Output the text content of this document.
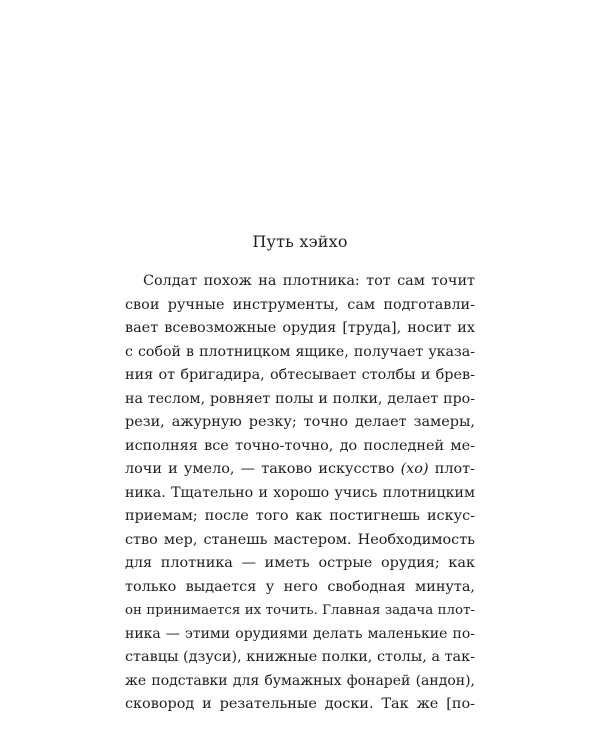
Путь хэйхо
Солдат похож на плотника: тот сам точит
свои ручные инструменты, сам подготавли-
вает всевозможные орудия [труда], носит их
с собой в плотницком ящике, получает указа-
ния от бригадира, обтесывает столбы и брев-
на теслом, ровняет полы и полки, делает про-
рези, ажурную резку; точно делает замеры,
исполняя все точно-точно, до последней ме-
лочи и умело, — таково искусство (хо) плот-
ника. Тщательно и хорошо учись плотницким
приемам; после того как постигнешь искус-
ство мер, станешь мастером. Необходимость
для плотника — иметь острые орудия; как
только выдается у него свободная минута,
он принимается их точить. Главная задача плот-
ника — этими орудиями делать маленькие по-
ставцы (дзуси), книжные полки, столы, а так-
же подставки для бумажных фонарей (андон),
сковород и резательные доски. Так же [по-
